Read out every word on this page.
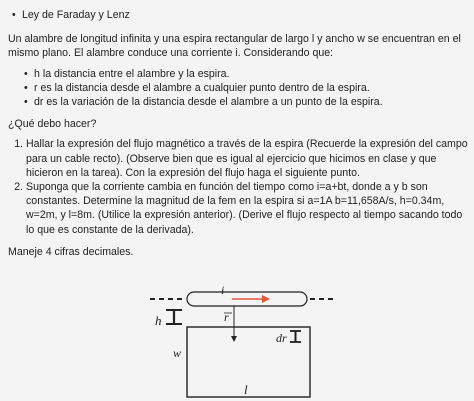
• Ley de Faraday y Lenz

Un alambre de longitud infinita y una espira rectangular de largo l y ancho w se encuentran en el mismo plano. El alambre conduce una corriente i. Considerando que:

• h la distancia entre el alambre y la espira.
• r es la distancia desde el alambre a cualquier punto dentro de la espira.
• dr es la variación de la distancia desde el alambre a un punto de la espira.

¿Qué debo hacer?

1. Hallar la expresión del flujo magnético a través de la espira (Recuerde la expresión del campo para un cable recto). (Observe bien que es igual al ejercicio que hicimos en clase y que hicieron en la tarea). Con la expresión del flujo haga el siguiente punto.
2. Suponga que la corriente cambia en función del tiempo como i=a+bt, donde a y b son constantes. Determine la magnitud de la fem en la espira si a=1A b=11,658A/s, h=0.34m, w=2m, y l=8m. (Utilice la expresión anterior). (Derive el flujo respecto al tiempo sacando todo lo que es constante de la derivada).

Maneje 4 cifras decimales.

i
r
h
w
dr
l
